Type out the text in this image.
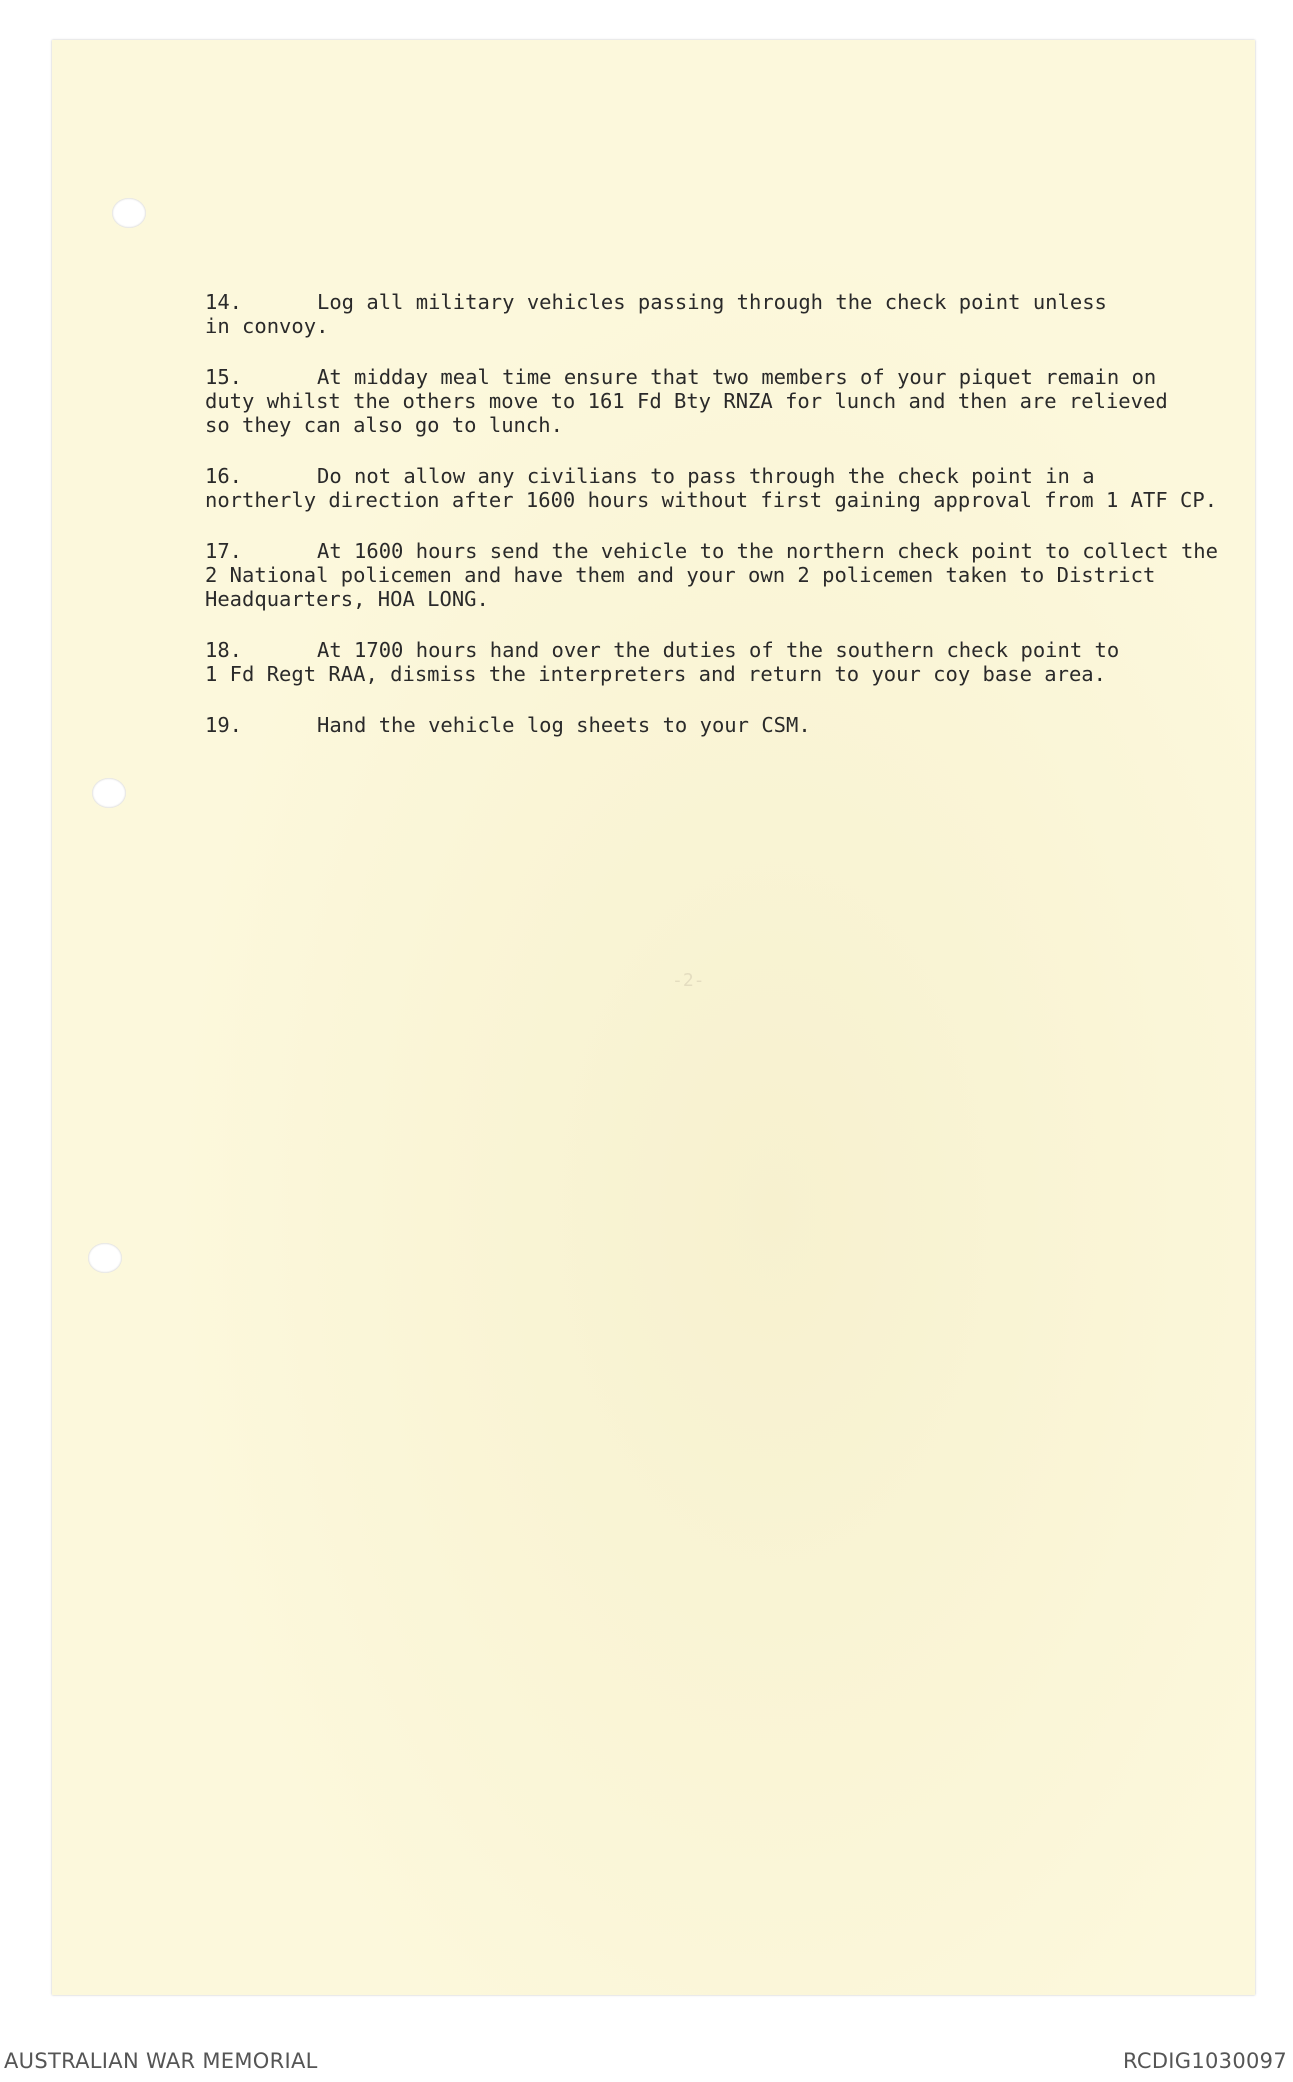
-2-
14.	Log all military vehicles passing through the check point unless
in convoy.
15.	At midday meal time ensure that two members of your piquet remain on
duty whilst the others move to 161 Fd Bty RNZA for lunch and then are relieved
so they can also go to lunch.
16.	Do not allow any civilians to pass through the check point in a
northerly direction after 1600 hours without first gaining approval from 1 ATF CP.
17.	At 1600 hours send the vehicle to the northern check point to collect the
2 National policemen and have them and your own 2 policemen taken to District
Headquarters, HOA LONG.
18.	At 1700 hours hand over the duties of the southern check point to
1 Fd Regt RAA, dismiss the interpreters and return to your coy base area.
19.	Hand the vehicle log sheets to your CSM.
AUSTRALIAN WAR MEMORIAL	RCDIG1030097
